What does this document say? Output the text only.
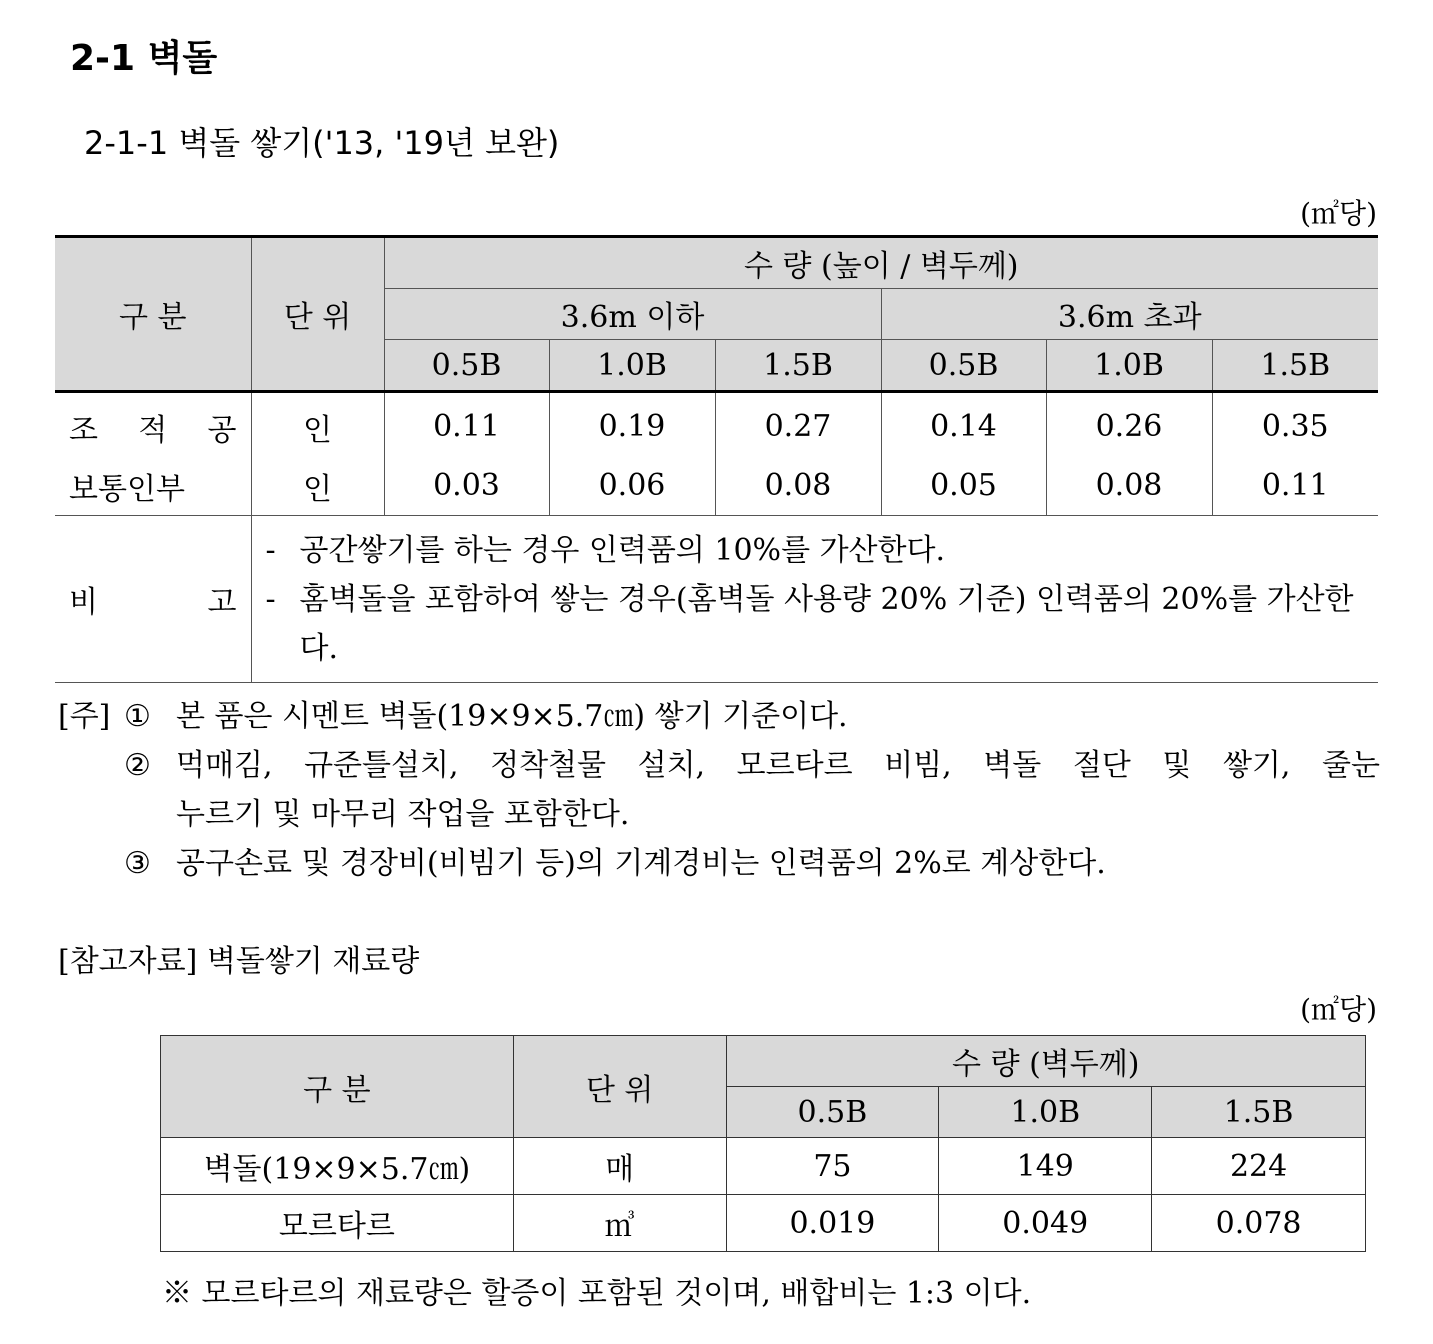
2-1 벽돌
2-1-1 벽돌 쌓기('13, '19년 보완)
(㎡당)
구 분	단 위	수 량 (높이 / 벽두께)					
		3.6m 이하			3.6m 초과		
		0.5B	1.0B	1.5B	0.5B	1.0B	1.5B
조 적 공	인	0.11	0.19	0.27	0.14	0.26	0.35
보통인부	인	0.03	0.06	0.08	0.05	0.08	0.11
비 고	- 공간쌓기를 하는 경우 인력품의 10%를 가산한다.
- 홈벽돌을 포함하여 쌓는 경우(홈벽돌 사용량 20% 기준) 인력품의 20%를 가산한다.						
[주] ① 본 품은 시멘트 벽돌(19×9×5.7㎝) 쌓기 기준이다.
② 먹매김, 규준틀설치, 정착철물 설치, 모르타르 비빔, 벽돌 절단 및 쌓기, 줄눈
누르기 및 마무리 작업을 포함한다.
③ 공구손료 및 경장비(비빔기 등)의 기계경비는 인력품의 2%로 계상한다.
[참고자료] 벽돌쌓기 재료량
(㎡당)
구 분	단 위	수 량 (벽두께)		
		0.5B	1.0B	1.5B
벽돌(19×9×5.7㎝)	매	75	149	224
모르타르	㎥	0.019	0.049	0.078
※ 모르타르의 재료량은 할증이 포함된 것이며, 배합비는 1:3 이다.
